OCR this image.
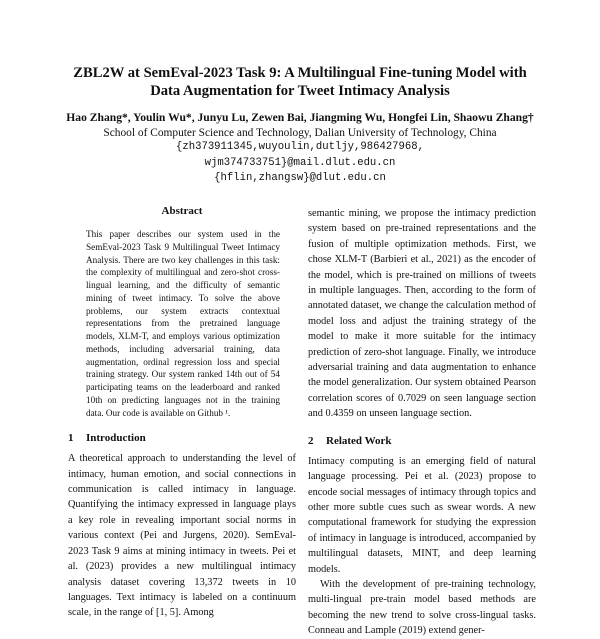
ZBL2W at SemEval-2023 Task 9: A Multilingual Fine-tuning Model with
Data Augmentation for Tweet Intimacy Analysis
Hao Zhang*, Youlin Wu*, Junyu Lu, Zewen Bai, Jiangming Wu, Hongfei Lin, Shaowu Zhang†
School of Computer Science and Technology, Dalian University of Technology, China
{zh373911345,wuyoulin,dutljy,986427968,
wjm374733751}@mail.dlut.edu.cn
{hflin,zhangsw}@dlut.edu.cn
Abstract

This paper describes our system used in the SemEval-2023 Task 9 Multilingual Tweet Intimacy Analysis. There are two key challenges in this task: the complexity of multilingual and zero-shot cross-lingual learning, and the difficulty of semantic mining of tweet intimacy. To solve the above problems, our system extracts contextual representations from the pretrained language models, XLM-T, and employs various optimization methods, including adversarial training, data augmentation, ordinal regression loss and special training strategy. Our system ranked 14th out of 54 participating teams on the leaderboard and ranked 10th on predicting languages not in the training data. Our code is available on Github ¹.

1 Introduction

A theoretical approach to understanding the level of intimacy, human emotion, and social connections in communication is called intimacy in language. Quantifying the intimacy expressed in language plays a key role in revealing important social norms in various context (Pei and Jurgens, 2020). SemEval-2023 Task 9 aims at mining intimacy in tweets. Pei et al. (2023) provides a new multilingual intimacy analysis dataset covering 13,372 tweets in 10 languages. Text intimacy is labeled on a continuum scale, in the range of [1, 5]. Among

semantic mining, we propose the intimacy prediction system based on pre-trained representations and the fusion of multiple optimization methods. First, we chose XLM-T (Barbieri et al., 2021) as the encoder of the model, which is pre-trained on millions of tweets in multiple languages. Then, according to the form of annotated dataset, we change the calculation method of model loss and adjust the training strategy of the model to make it more suitable for the intimacy prediction of zero-shot language. Finally, we introduce adversarial training and data augmentation to enhance the model generalization. Our system obtained Pearson correlation scores of 0.7029 on seen language section and 0.4359 on unseen language section.

2 Related Work

Intimacy computing is an emerging field of natural language processing. Pei et al. (2023) propose to encode social messages of intimacy through topics and other more subtle cues such as swear words. A new computational framework for studying the expression of intimacy in language is introduced, accompanied by multilingual datasets, MINT, and deep learning models.

With the development of pre-training technology, multi-lingual pre-train model based methods are becoming the new trend to solve cross-lingual tasks. Conneau and Lample (2019) extend gener-
